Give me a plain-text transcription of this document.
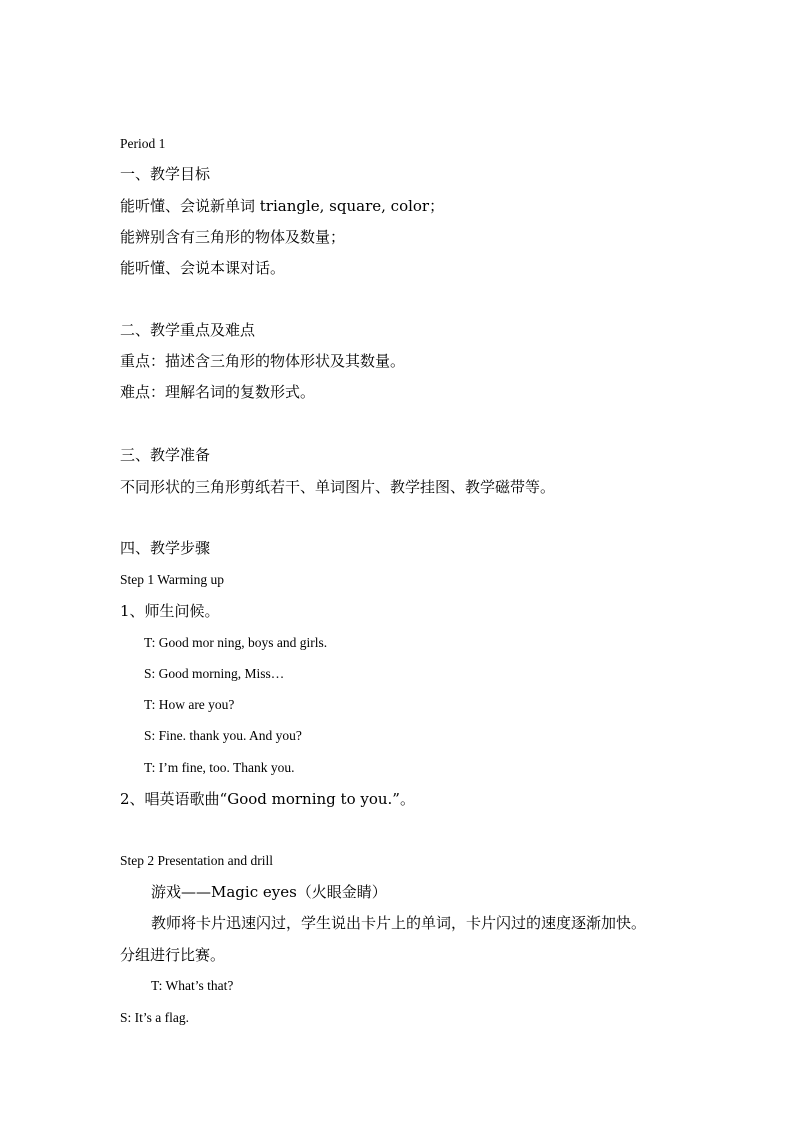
Period 1
一、教学目标
能听懂、会说新单词 triangle, square, color；
能辨别含有三角形的物体及数量；
能听懂、会说本课对话。
二、教学重点及难点
重点：描述含三角形的物体形状及其数量。
难点：理解名词的复数形式。
三、教学准备
不同形状的三角形剪纸若干、单词图片、教学挂图、教学磁带等。
四、教学步骤
Step 1 Warming up
1、师生问候。
T: Good mor ning, boys and girls.
S: Good morning, Miss…
T: How are you?
S: Fine. thank you. And you?
T: I’m fine, too. Thank you.
2、唱英语歌曲“Good morning to you.”。
Step 2 Presentation and drill
游戏——Magic eyes（火眼金睛）
教师将卡片迅速闪过，学生说出卡片上的单词，卡片闪过的速度逐渐加快。
分组进行比赛。
T: What’s that?
S: It’s a flag.
